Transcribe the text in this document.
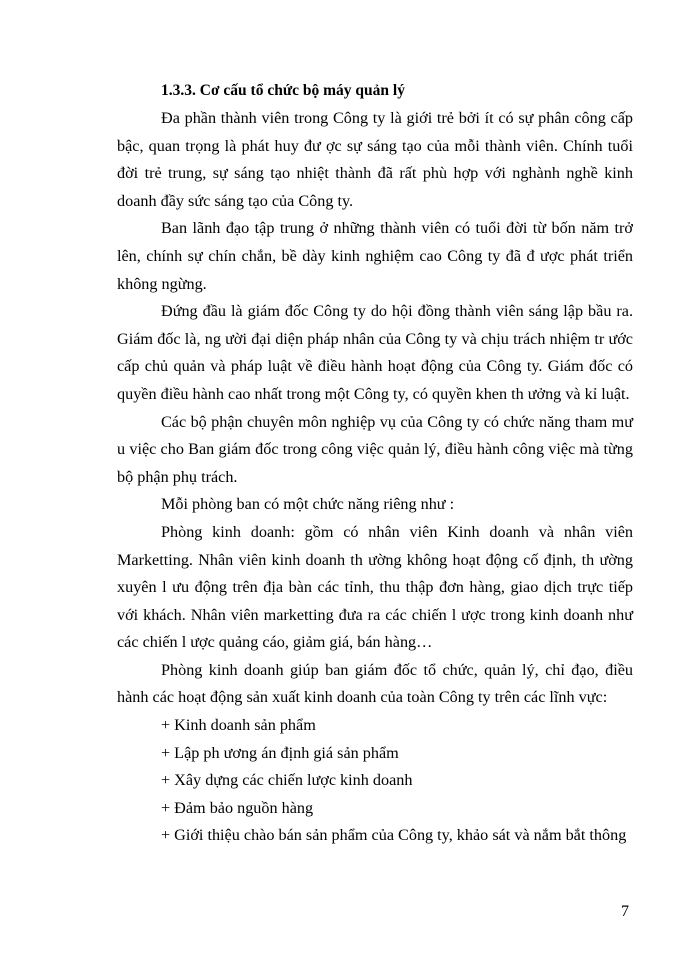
1.3.3. Cơ cấu tổ chức bộ máy quản lý

Đa phần thành viên trong Công ty là giới trẻ bởi ít có sự phân công cấp bậc, quan trọng là phát huy đư ợc sự sáng tạo của mỗi thành viên. Chính tuổi đời trẻ trung, sự sáng tạo nhiệt thành đã rất phù hợp với nghành nghề kinh doanh đầy sức sáng tạo của Công ty.

Ban lãnh đạo tập trung ở những thành viên có tuổi đời từ bốn năm trở lên, chính sự chín chắn, bề dày kinh nghiệm cao Công ty đã đ ược phát triển không ngừng.

Đứng đầu là giám đốc Công ty do hội đồng thành viên sáng lập bầu ra. Giám đốc là, ng ười đại diện pháp nhân của Công ty và chịu trách nhiệm tr ước cấp chủ quản và pháp luật về điều hành hoạt động của Công ty. Giám đốc có quyền điều hành cao nhất trong một Công ty, có quyền khen th ưởng và kỉ luật.

Các bộ phận chuyên môn nghiệp vụ của Công ty có chức năng tham mư u việc cho Ban giám đốc trong công việc quản lý, điều hành công việc mà từng bộ phận phụ trách.

Mỗi phòng ban có một chức năng riêng như :

Phòng kinh doanh: gồm có nhân viên Kinh doanh và nhân viên Marketting. Nhân viên kinh doanh th ường không hoạt động cố định, th ường xuyên l ưu động trên địa bàn các tỉnh, thu thập đơn hàng, giao dịch trực tiếp với khách. Nhân viên marketting đưa ra các chiến l ược trong kinh doanh như các chiến l ược quảng cáo, giảm giá, bán hàng…

Phòng kinh doanh giúp ban giám đốc tổ chức, quản lý, chỉ đạo, điều hành các hoạt động sản xuất kinh doanh của toàn Công ty trên các lĩnh vực:

+ Kinh doanh sản phẩm

+ Lập ph ương án định giá sản phẩm

+ Xây dựng các chiến lược kinh doanh

+ Đảm bảo nguồn hàng

+ Giới thiệu chào bán sản phẩm của Công ty, khảo sát và nắm bắt thông

7
